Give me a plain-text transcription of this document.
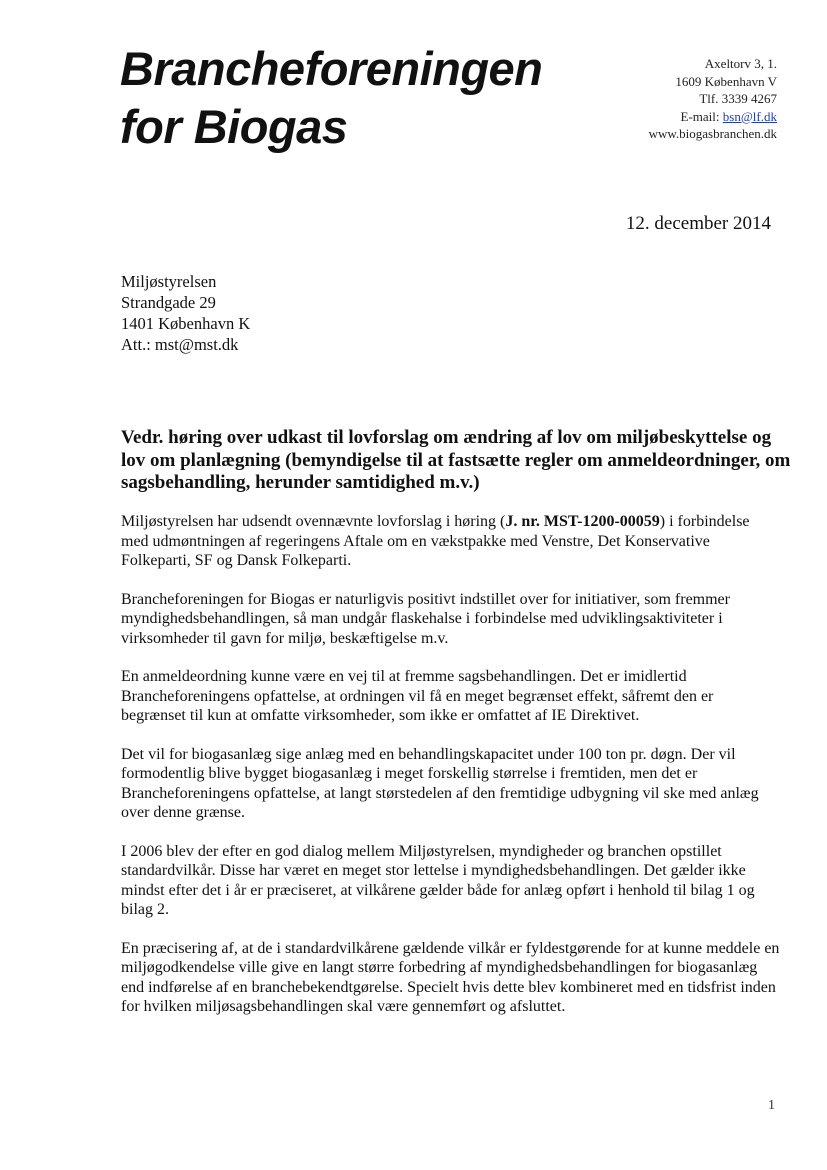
Brancheforeningen
for Biogas
Axeltorv 3, 1.
1609 København V
Tlf. 3339 4267
E-mail: bsn@lf.dk
www.biogasbranchen.dk
12. december 2014
Miljøstyrelsen
Strandgade 29
1401 København K
Att.: mst@mst.dk
Vedr. høring over udkast til lovforslag om ændring af lov om miljøbeskyttelse og lov om planlægning (bemyndigelse til at fastsætte regler om anmeldeordninger, om sagsbehandling, herunder samtidighed m.v.)

Miljøstyrelsen har udsendt ovennævnte lovforslag i høring (J. nr. MST-1200-00059) i forbindelse med udmøntningen af regeringens Aftale om en vækstpakke med Venstre, Det Konservative Folkeparti, SF og Dansk Folkeparti.

Brancheforeningen for Biogas er naturligvis positivt indstillet over for initiativer, som fremmer myndighedsbehandlingen, så man undgår flaskehalse i forbindelse med udviklingsaktiviteter i virksomheder til gavn for miljø, beskæftigelse m.v.

En anmeldeordning kunne være en vej til at fremme sagsbehandlingen. Det er imidlertid Brancheforeningens opfattelse, at ordningen vil få en meget begrænset effekt, såfremt den er begrænset til kun at omfatte virksomheder, som ikke er omfattet af IE Direktivet.

Det vil for biogasanlæg sige anlæg med en behandlingskapacitet under 100 ton pr. døgn. Der vil formodentlig blive bygget biogasanlæg i meget forskellig størrelse i fremtiden, men det er Brancheforeningens opfattelse, at langt størstedelen af den fremtidige udbygning vil ske med anlæg over denne grænse.

I 2006 blev der efter en god dialog mellem Miljøstyrelsen, myndigheder og branchen opstillet standardvilkår. Disse har været en meget stor lettelse i myndighedsbehandlingen. Det gælder ikke mindst efter det i år er præciseret, at vilkårene gælder både for anlæg opført i henhold til bilag 1 og bilag 2.

En præcisering af, at de i standardvilkårene gældende vilkår er fyldestgørende for at kunne meddele en miljøgodkendelse ville give en langt større forbedring af myndighedsbehandlingen for biogasanlæg end indførelse af en branchebekendtgørelse. Specielt hvis dette blev kombineret med en tidsfrist inden for hvilken miljøsagsbehandlingen skal være gennemført og afsluttet.

1
